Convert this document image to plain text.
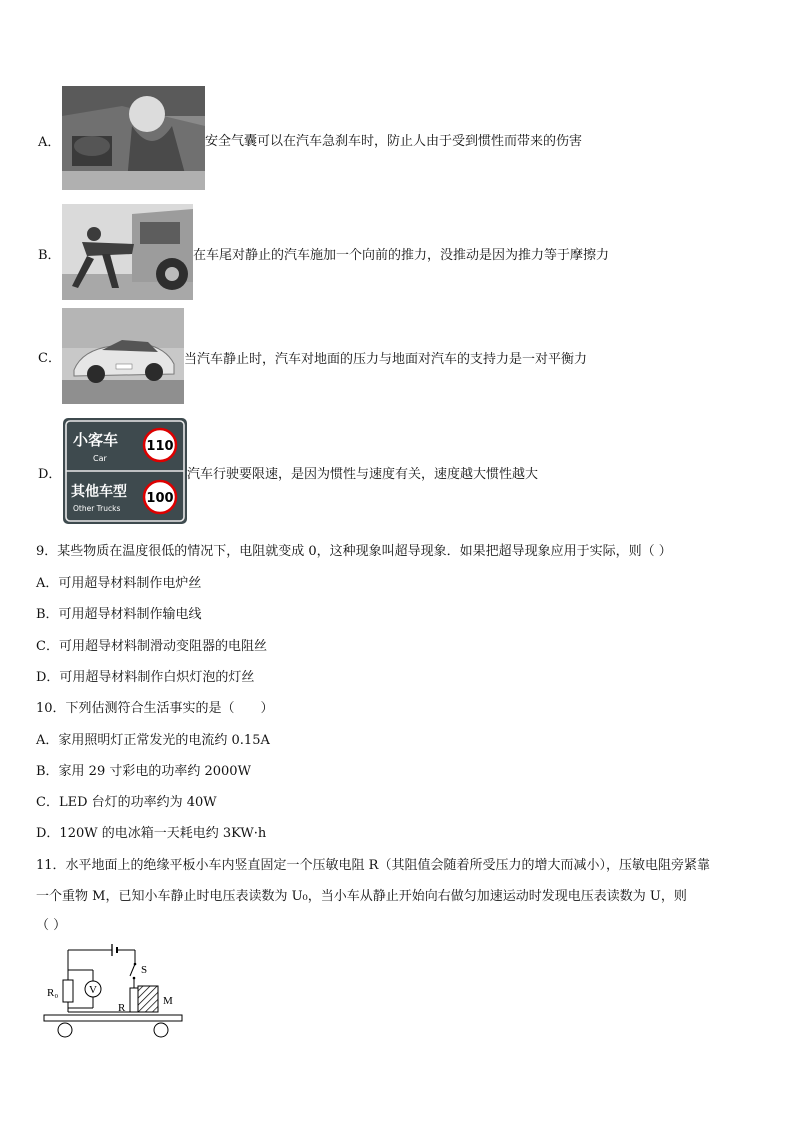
A．	安全气囊可以在汽车急刹车时，防止人由于受到惯性而带来的伤害
B．	在车尾对静止的汽车施加一个向前的推力，没推动是因为推力等于摩擦力
C．	当汽车静止时，汽车对地面的压力与地面对汽车的支持力是一对平衡力
小客车
Car
110
其他车型
Other Trucks
100
D．	汽车行驶要限速，是因为惯性与速度有关，速度越大惯性越大
9．某些物质在温度很低的情况下，电阻就变成 0，这种现象叫超导现象．如果把超导现象应用于实际，则（ ）
A．可用超导材料制作电炉丝
B．可用超导材料制作输电线
C．可用超导材料制滑动变阻器的电阻丝
D．可用超导材料制作白炽灯泡的灯丝
10．下列估测符合生活事实的是（　　）
A．家用照明灯正常发光的电流约 0.15A
B．家用 29 寸彩电的功率约 2000W
C．LED 台灯的功率约为 40W
D．120W 的电冰箱一天耗电约 3KW·h
11．水平地面上的绝缘平板小车内竖直固定一个压敏电阻 R（其阻值会随着所受压力的增大而减小），压敏电阻旁紧靠
一个重物 M，已知小车静止时电压表读数为 U₀，当小车从静止开始向右做匀加速运动时发现电压表读数为 U，则
（ ）
S
R₀	V
R
M
